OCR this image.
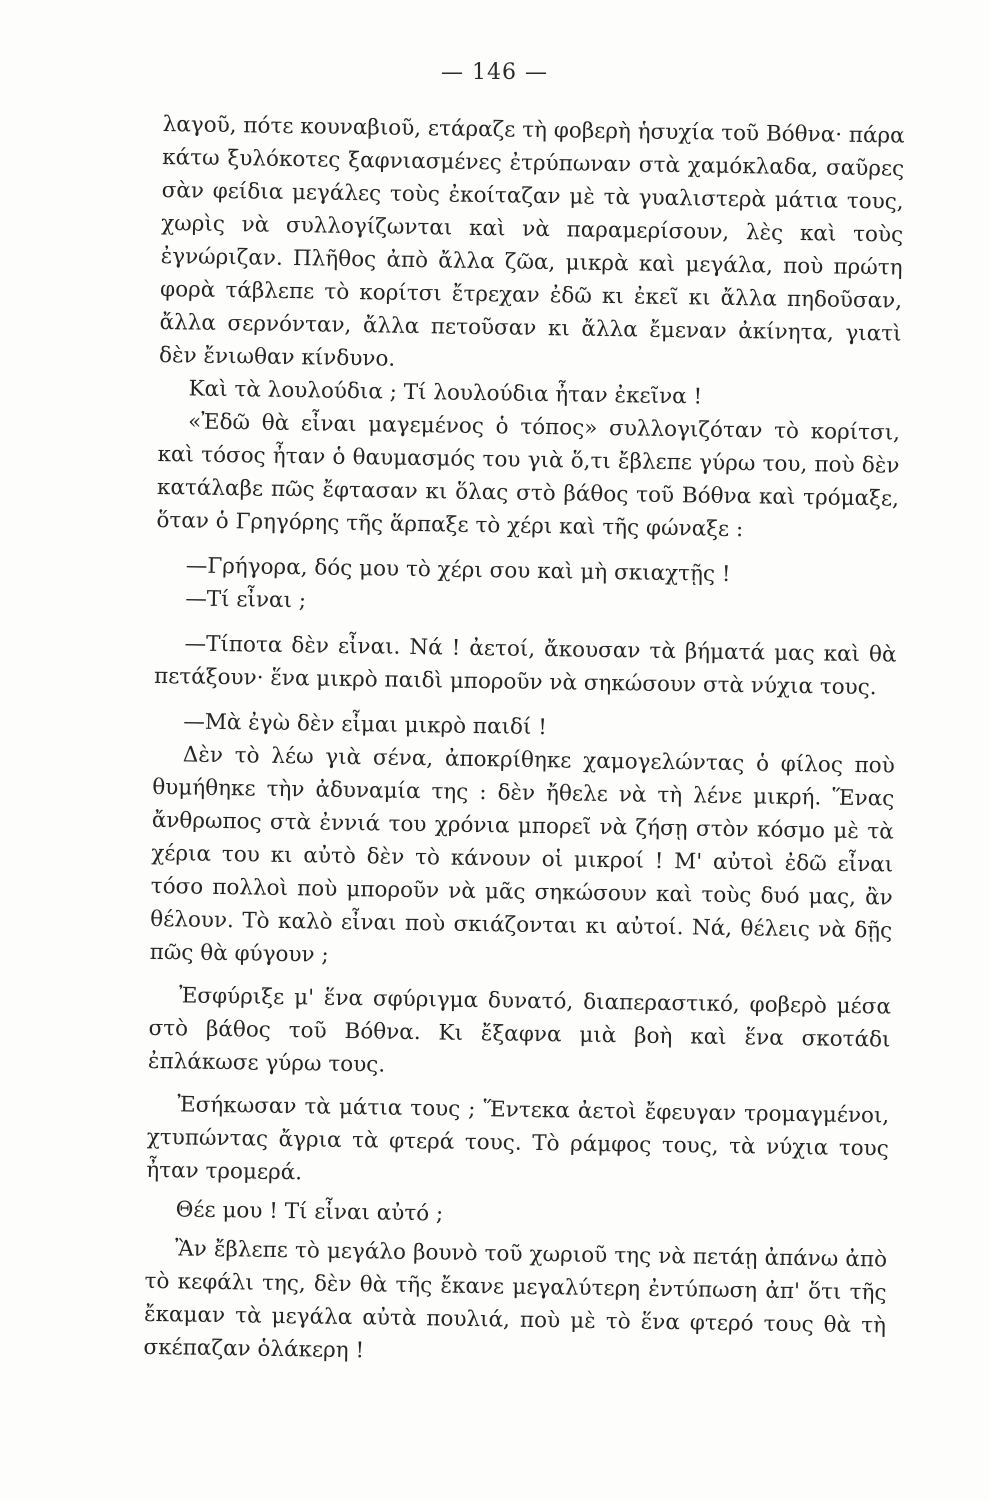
— 146 —

λαγοῦ, πότε κουναβιοῦ, ετάραζε τὴ φοβερὴ ἡσυχία τοῦ Βόθνα· πάρα κάτω ξυλόκοτες ξαφνιασμένες ἐτρύπωναν στὰ χαμόκλαδα, σαῦρες σὰν φείδια μεγάλες τοὺς ἐκοίταζαν μὲ τὰ γυαλιστερὰ μάτια τους, χωρὶς νὰ συλλογίζωνται καὶ νὰ παραμερίσουν, λὲς καὶ τοὺς ἐγνώριζαν. Πλῆθος ἀπὸ ἄλλα ζῶα, μικρὰ καὶ μεγάλα, ποὺ πρώτη φορὰ τάβλεπε τὸ κορίτσι ἔτρεχαν ἐδῶ κι ἐκεῖ κι ἄλλα πηδοῦσαν, ἄλλα σερνόνταν, ἄλλα πετοῦσαν κι ἄλλα ἔμεναν ἀκίνητα, γιατὶ δὲν ἔνιωθαν κίνδυνο.

Καὶ τὰ λουλούδια ; Τί λουλούδια ἦταν ἐκεῖνα !

«Ἐδῶ θὰ εἶναι μαγεμένος ὁ τόπος» συλλογιζόταν τὸ κορίτσι, καὶ τόσος ἦταν ὁ θαυμασμός του γιὰ ὅ,τι ἔβλεπε γύρω του, ποὺ δὲν κατάλαβε πῶς ἔφτασαν κι ὅλας στὸ βάθος τοῦ Βόθνα καὶ τρόμαξε, ὅταν ὁ Γρηγόρης τῆς ἅρπαξε τὸ χέρι καὶ τῆς φώναξε :

—Γρήγορα, δός μου τὸ χέρι σου καὶ μὴ σκιαχτῇς !

—Τί εἶναι ;

—Τίποτα δὲν εἶναι. Νά ! ἀετοί, ἄκουσαν τὰ βήματά μας καὶ θὰ πετάξουν· ἕνα μικρὸ παιδὶ μποροῦν νὰ σηκώσουν στὰ νύχια τους.

—Μὰ ἐγὼ δὲν εἶμαι μικρὸ παιδί !

Δὲν τὸ λέω γιὰ σένα, ἀποκρίθηκε χαμογελώντας ὁ φίλος ποὺ θυμήθηκε τὴν ἀδυναμία της : δὲν ἤθελε νὰ τὴ λένε μικρή. Ἕνας ἄνθρωπος στὰ ἐννιά του χρόνια μπορεῖ νὰ ζήσῃ στὸν κόσμο μὲ τὰ χέρια του κι αὐτὸ δὲν τὸ κάνουν οἱ μικροί ! Μ' αὐτοὶ ἐδῶ εἶναι τόσο πολλοὶ ποὺ μποροῦν νὰ μᾶς σηκώσουν καὶ τοὺς δυό μας, ἂν θέλουν. Τὸ καλὸ εἶναι ποὺ σκιάζονται κι αὐτοί. Νά, θέλεις νὰ δῇς πῶς θὰ φύγουν ;

Ἐσφύριξε μ' ἕνα σφύριγμα δυνατό, διαπεραστικό, φοβερὸ μέσα στὸ βάθος τοῦ Βόθνα. Κι ἔξαφνα μιὰ βοὴ καὶ ἕνα σκοτάδι ἐπλάκωσε γύρω τους.

Ἐσήκωσαν τὰ μάτια τους ; Ἕντεκα ἀετοὶ ἔφευγαν τρομαγμένοι, χτυπώντας ἄγρια τὰ φτερά τους. Τὸ ράμφος τους, τὰ νύχια τους ἦταν τρομερά.

Θέε μου ! Τί εἶναι αὐτό ;

Ἂν ἔβλεπε τὸ μεγάλο βουνὸ τοῦ χωριοῦ της νὰ πετάῃ ἀπάνω ἀπὸ τὸ κεφάλι της, δὲν θὰ τῆς ἔκανε μεγαλύτερη ἐντύπωση ἀπ' ὅτι τῆς ἔκαμαν τὰ μεγάλα αὐτὰ πουλιά, ποὺ μὲ τὸ ἕνα φτερό τους θὰ τὴ σκέπαζαν ὁλάκερη !
